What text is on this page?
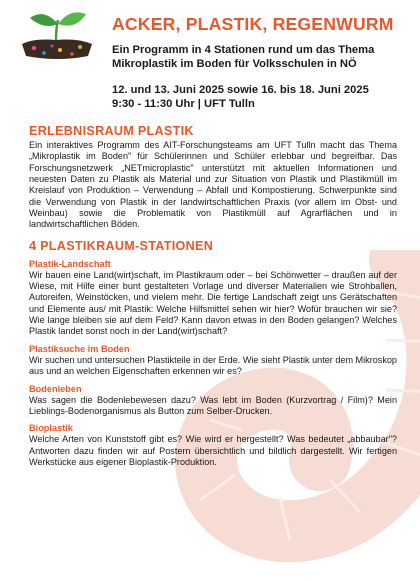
ACKER, PLASTIK, REGENWURM
Ein Programm in 4 Stationen rund um das Thema
Mikroplastik im Boden für Volksschulen in NÖ
12. und 13. Juni 2025 sowie 16. bis 18. Juni 2025
9:30 - 11:30 Uhr | UFT Tulln
ERLEBNISRAUM PLASTIK

Ein interaktives Programm des AIT-Forschungsteams am UFT Tulln macht das Thema „Mikroplastik im Boden" für Schülerinnen und Schüler erlebbar und begreifbar. Das Forschungsnetzwerk „NETmicroplastic" unterstützt mit aktuellen Informationen und neuesten Daten zu Plastik als Material und zur Situation von Plastik und Plastikmüll im Kreislauf von Produktion – Verwendung – Abfall und Kompostierung. Schwerpunkte sind die Verwendung von Plastik in der landwirtschaftlichen Praxis (vor allem im Obst- und Weinbau) sowie die Problematik von Plastikmüll auf Agrarflächen und in landwirtschaftlichen Böden.

4 PLASTIKRAUM-STATIONEN
Plastik-Landschaft

Wir bauen eine Land(wirt)schaft, im Plastikraum oder – bei Schönwetter – draußen auf der Wiese, mit Hilfe einer bunt gestalteten Vorlage und diverser Materialien wie Strohballen, Autoreifen, Weinstöcken, und vielem mehr. Die fertige Landschaft zeigt uns Gerätschaften und Elemente aus/ mit Plastik: Welche Hilfsmittel sehen wir hier? Wofür brauchen wir sie? Wie lange bleiben sie auf dem Feld? Kann davon etwas in den Boden gelangen? Welches Plastik landet sonst noch in der Land(wirt)schaft?

Plastiksuche im Boden

Wir suchen und untersuchen Plastikteile in der Erde. Wie sieht Plastik unter dem Mikroskop aus und an welchen Eigenschaften erkennen wir es?

Bodenleben

Was sagen die Bodenlebewesen dazu? Was lebt im Boden (Kurzvortrag / Film)? Mein Lieblings-Bodenorganismus als Button zum Selber-Drucken.

Bioplastik

Welche Arten von Kunststoff gibt es? Wie wird er hergestellt? Was bedeutet „abbaubar"? Antworten dazu finden wir auf Postern übersichtlich und bildlich dargestellt. Wir fertigen Werkstücke aus eigener Bioplastik-Produktion.
